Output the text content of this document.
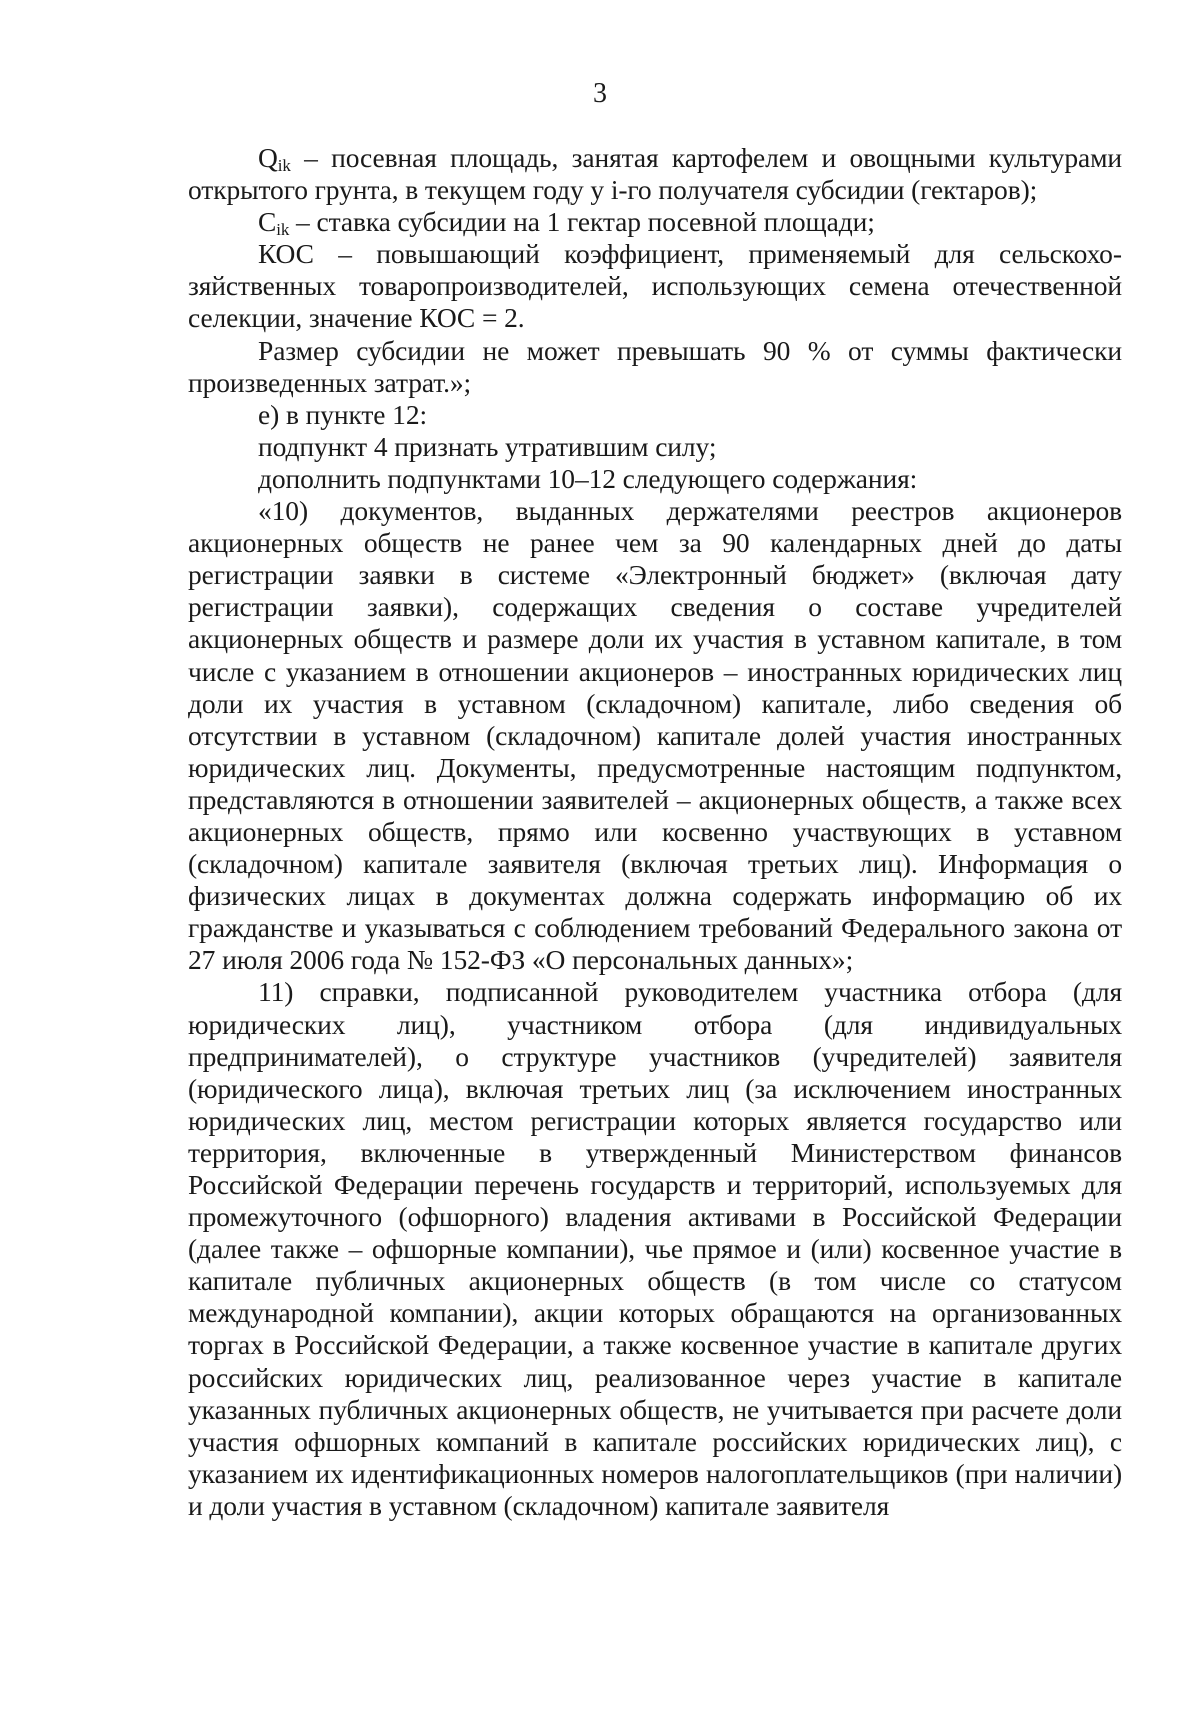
3

$Q_{ik}$ – посевная площадь, занятая картофелем и овощными культурами открытого грунта, в текущем году у i-го получателя субсидии (гектаров);

$C_{ik}$ – ставка субсидии на 1 гектар посевной площади;

КОС – повышающий коэффициент, применяемый для сельскохозяйственных товаропроизводителей, использующих семена отечественной селекции, значение КОС = 2.

Размер субсидии не может превышать 90 % от суммы фактически произведенных затрат.»;

е) в пункте 12:

подпункт 4 признать утратившим силу;

дополнить подпунктами 10–12 следующего содержания:

«10) документов, выданных держателями реестров акционеров акционерных обществ не ранее чем за 90 календарных дней до даты регистрации заявки в системе «Электронный бюджет» (включая дату регистрации заявки), содержащих сведения о составе учредителей акционерных обществ и размере доли их участия в уставном капитале, в том числе с указанием в отношении акционеров – иностранных юридических лиц доли их участия в уставном (складочном) капитале, либо сведения об отсутствии в уставном (складочном) капитале долей участия иностранных юридических лиц. Документы, предусмотренные настоящим подпунктом, представляются в отношении заявителей – акционерных обществ, а также всех акционерных обществ, прямо или косвенно участвующих в уставном (складочном) капитале заявителя (включая третьих лиц). Информация о физических лицах в документах должна содержать информацию об их гражданстве и указываться с соблюдением требований Федерального закона от 27 июля 2006 года № 152-ФЗ «О персональных данных»;

11) справки, подписанной руководителем участника отбора (для юридических лиц), участником отбора (для индивидуальных предпринимателей), о структуре участников (учредителей) заявителя (юридического лица), включая третьих лиц (за исключением иностранных юридических лиц, местом регистрации которых является государство или территория, включенные в утвержденный Министерством финансов Российской Федерации перечень государств и территорий, используемых для промежуточного (офшорного) владения активами в Российской Федерации (далее также – офшорные компании), чье прямое и (или) косвенное участие в капитале публичных акционерных обществ (в том числе со статусом международной компании), акции которых обращаются на организованных торгах в Российской Федерации, а также косвенное участие в капитале других российских юридических лиц, реализованное через участие в капитале указанных публичных акционерных обществ, не учитывается при расчете доли участия офшорных компаний в капитале российских юридических лиц), с указанием их идентификационных номеров налогоплательщиков (при наличии) и доли участия в уставном (складочном) капитале заявителя
